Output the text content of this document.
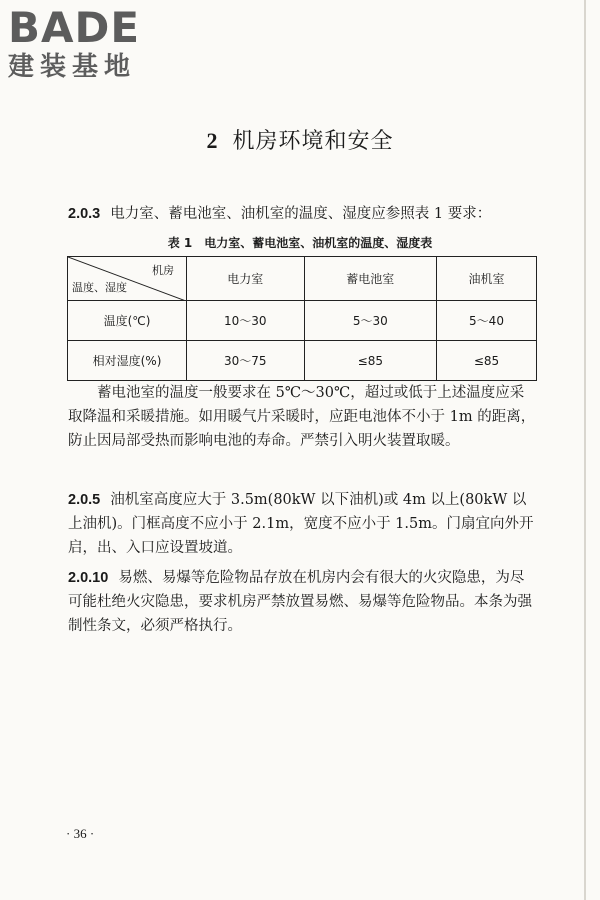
BADE
建装基地
2 机房环境和安全
2.0.3 电力室、蓄电池室、油机室的温度、湿度应参照表 1 要求：
表 1　电力室、蓄电池室、油机室的温度、湿度表
机房
温度、湿度	电力室	蓄电池室	油机室
温度(℃)	10～30	5～30	5～40
相对湿度(%)	30～75	≤85	≤85
蓄电池室的温度一般要求在 5℃～30℃，超过或低于上述温度应采取降温和采暖措施。如用暖气片采暖时，应距电池体不小于 1m 的距离，防止因局部受热而影响电池的寿命。严禁引入明火装置取暖。
2.0.5 油机室高度应大于 3.5m(80kW 以下油机)或 4m 以上(80kW 以上油机)。门框高度不应小于 2.1m，宽度不应小于 1.5m。门扇宜向外开启，出、入口应设置坡道。
2.0.10 易燃、易爆等危险物品存放在机房内会有很大的火灾隐患，为尽可能杜绝火灾隐患，要求机房严禁放置易燃、易爆等危险物品。本条为强制性条文，必须严格执行。
· 36 ·
